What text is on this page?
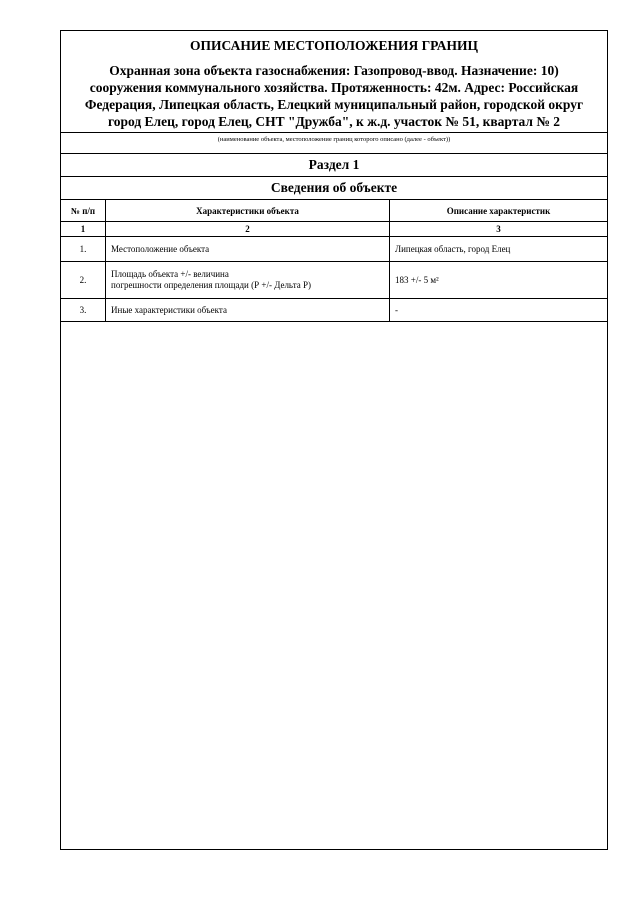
ОПИСАНИЕ МЕСТОПОЛОЖЕНИЯ ГРАНИЦ
Охранная зона объекта газоснабжения: Газопровод-ввод. Назначение: 10)
сооружения коммунального хозяйства. Протяженность: 42м. Адрес: Российская
Федерация, Липецкая область, Елецкий муниципальный район, городской округ
город Елец, город Елец, СНТ "Дружба", к ж.д. участок № 51, квартал № 2
(наименование объекта, местоположение границ которого описано (далее - объект))
Раздел 1
Сведения об объекте
№ п/п	Характеристики объекта	Описание характеристик
1	2	3
1.	Местоположение объекта	Липецкая область, город Елец
2.	Площадь объекта +/- величина
погрешности определения площади (Р +/- Дельта Р)	183 +/- 5 м²
3.	Иные характеристики объекта	-
